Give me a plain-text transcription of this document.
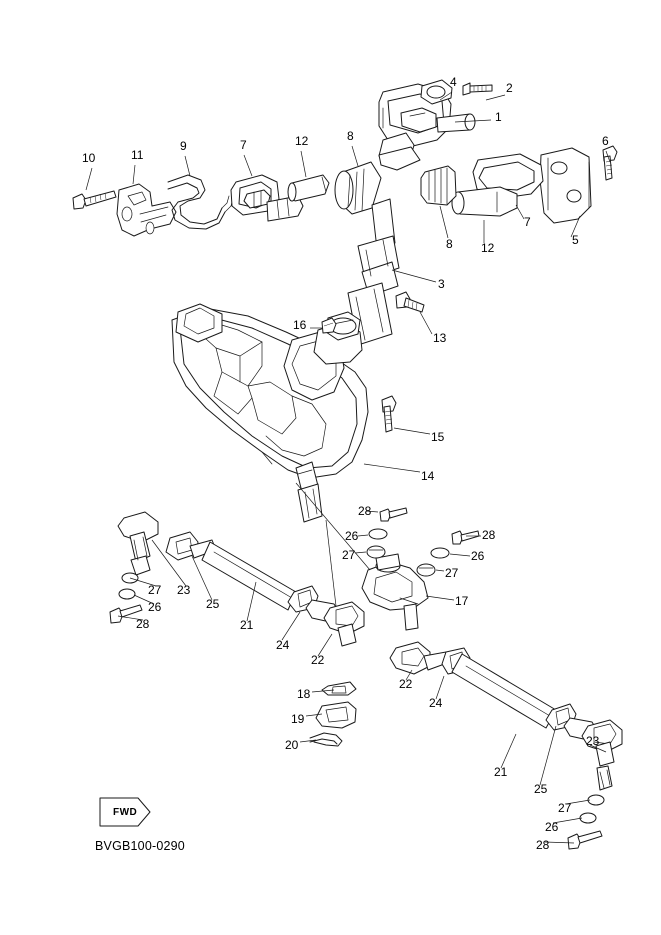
10	11
9	7	12	8
4	2
1
6
5
7
12
8
3
13
16
15
14
28
26
27
28
26
27
17
27 23
26
28
25
21
24
22
18
19
20
22
24
21
25
23
27
26
28
FWD
BVGB100-0290
